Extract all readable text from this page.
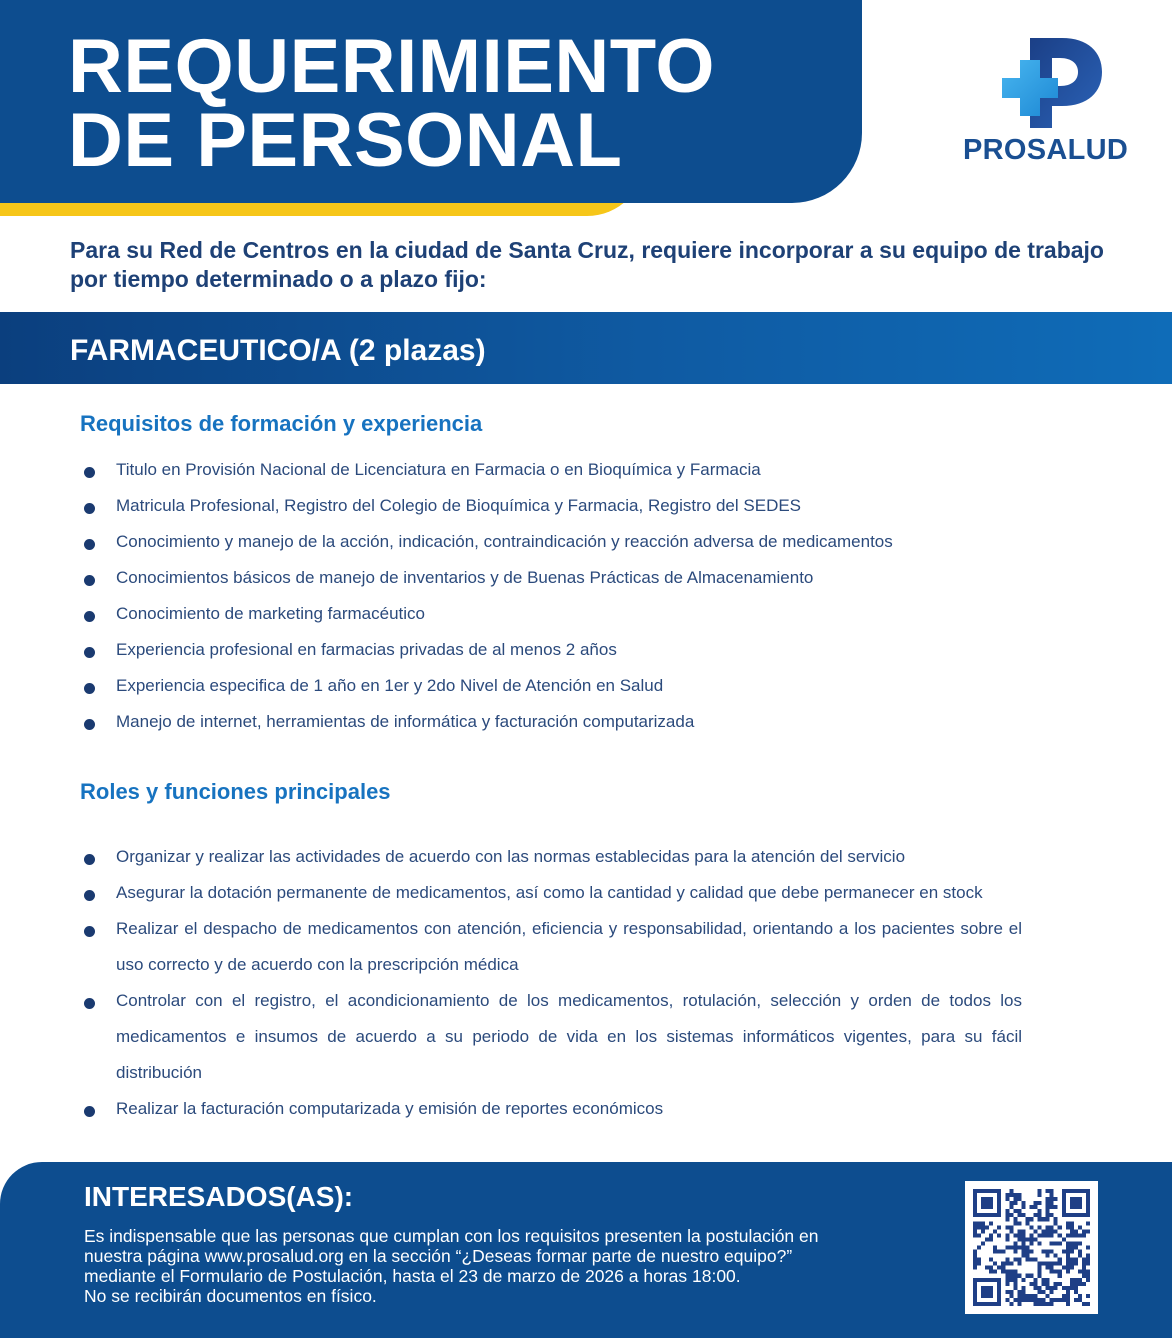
REQUERIMIENTO
DE PERSONAL	PROSALUD

Para su Red de Centros en la ciudad de Santa Cruz, requiere incorporar a su equipo de trabajo por tiempo determinado o a plazo fijo:

FARMACEUTICO/A (2 plazas)
Requisitos de formación y experiencia
Titulo en Provisión Nacional de Licenciatura en Farmacia o en Bioquímica y Farmacia
Matricula Profesional, Registro del Colegio de Bioquímica y Farmacia, Registro del SEDES
Conocimiento y manejo de la acción, indicación, contraindicación y reacción adversa de medicamentos
Conocimientos básicos de manejo de inventarios y de Buenas Prácticas de Almacenamiento
Conocimiento de marketing farmacéutico
Experiencia profesional en farmacias privadas de al menos 2 años
Experiencia especifica de 1 año en 1er y 2do Nivel de Atención en Salud
Manejo de internet, herramientas de informática y facturación computarizada
Roles y funciones principales
Organizar y realizar las actividades de acuerdo con las normas establecidas para la atención del servicio
Asegurar la dotación permanente de medicamentos, así como la cantidad y calidad que debe permanecer en stock
Realizar el despacho de medicamentos con atención, eficiencia y responsabilidad, orientando a los pacientes sobre el uso correcto y de acuerdo con la prescripción médica
Controlar con el registro, el acondicionamiento de los medicamentos, rotulación, selección y orden de todos los medicamentos e insumos de acuerdo a su periodo de vida en los sistemas informáticos vigentes, para su fácil distribución
Realizar la facturación computarizada y emisión de reportes económicos
INTERESADOS(AS):

Es indispensable que las personas que cumplan con los requisitos presenten la postulación en
nuestra página www.prosalud.org en la sección “¿Deseas formar parte de nuestro equipo?”
mediante el Formulario de Postulación, hasta el 23 de marzo de 2026 a horas 18:00.
No se recibirán documentos en físico.
